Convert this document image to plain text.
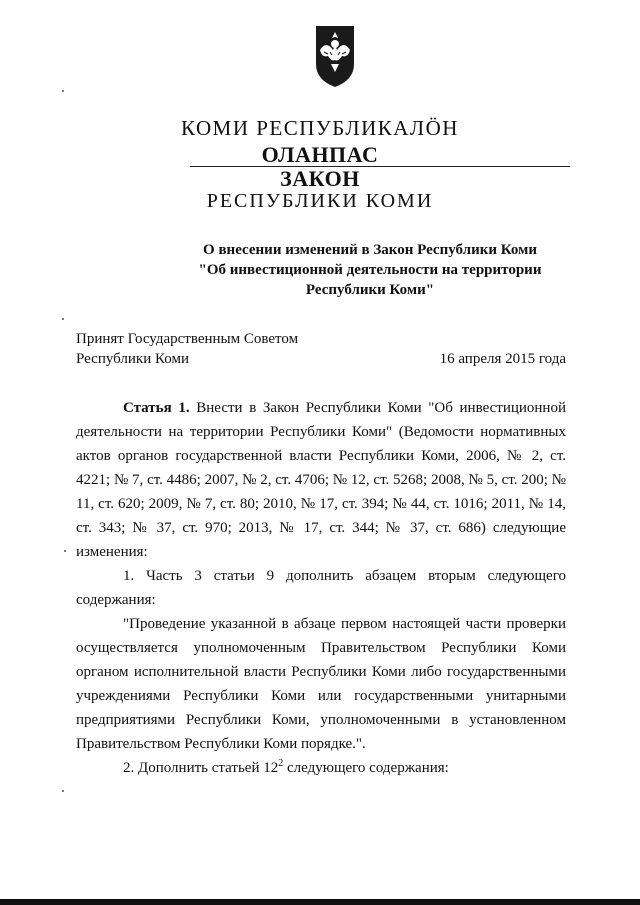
КОМИ РЕСПУБЛИКАЛÖН
ОЛАНПАС
ЗАКОН
РЕСПУБЛИКИ КОМИ
О внесении изменений в Закон Республики Коми
"Об инвестиционной деятельности на территории
Республики Коми"
Принят Государственным Советом
Республики Коми	16 апреля 2015 года
Статья 1. Внести в Закон Республики Коми "Об инвестиционной деятельности на территории Республики Коми" (Ведомости нормативных актов органов государственной власти Республики Коми, 2006, № 2, ст. 4221; № 7, ст. 4486; 2007, № 2, ст. 4706; № 12, ст. 5268; 2008, № 5, ст. 200; № 11, ст. 620; 2009, № 7, ст. 80; 2010, № 17, ст. 394; № 44, ст. 1016; 2011, № 14, ст. 343; № 37, ст. 970; 2013, № 17, ст. 344; № 37, ст. 686) следующие изменения:
1. Часть 3 статьи 9 дополнить абзацем вторым следующего содержания:
"Проведение указанной в абзаце первом настоящей части проверки осуществляется уполномоченным Правительством Республики Коми органом исполнительной власти Республики Коми либо государственными учреждениями Республики Коми или государственными унитарными предприятиями Республики Коми, уполномоченными в установленном Правительством Республики Коми порядке.".
2. Дополнить статьей $12^2$ следующего содержания:
